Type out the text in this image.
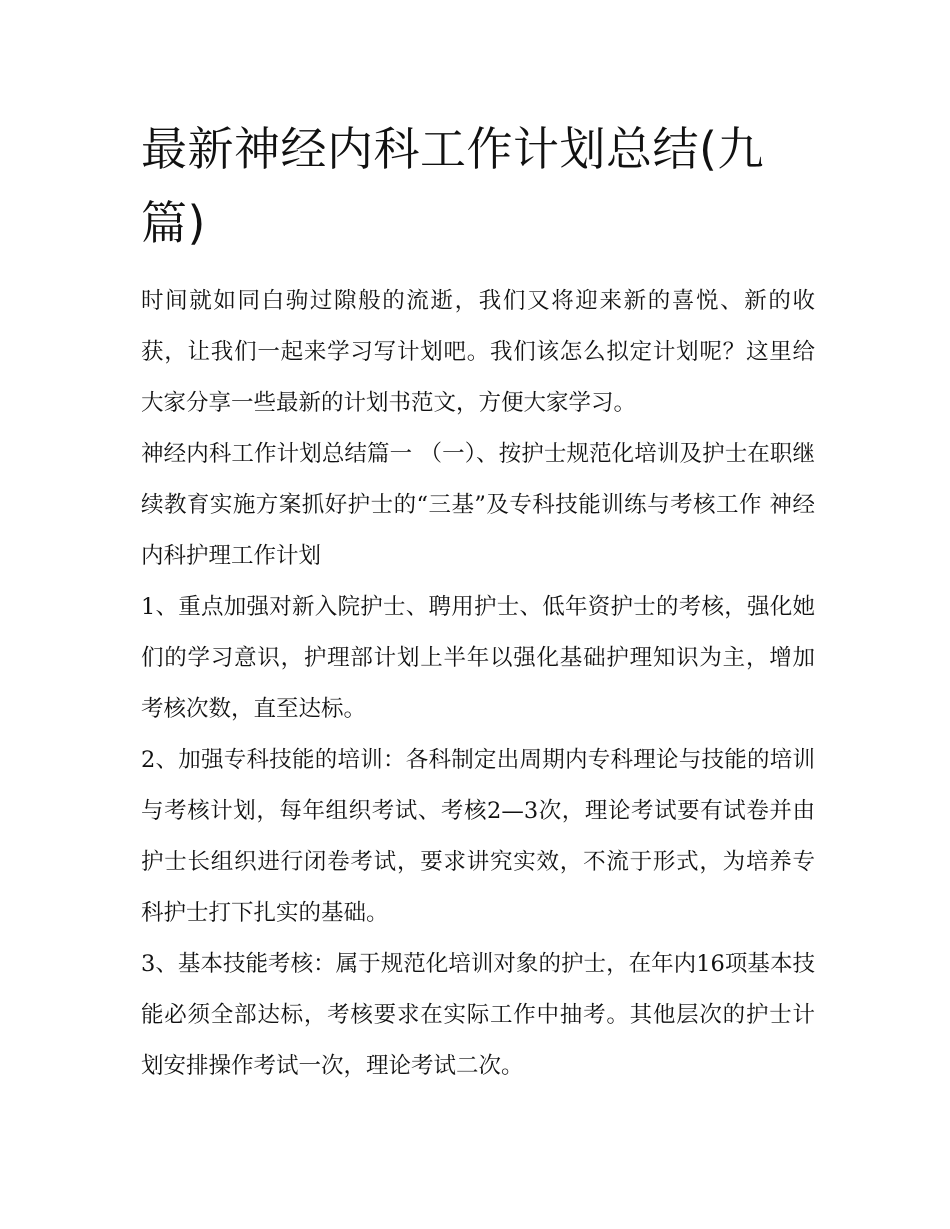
最新神经内科工作计划总结(九篇)

时间就如同白驹过隙般的流逝，我们又将迎来新的喜悦、新的收获，让我们一起来学习写计划吧。我们该怎么拟定计划呢？这里给大家分享一些最新的计划书范文，方便大家学习。

神经内科工作计划总结篇一 （一）、按护士规范化培训及护士在职继续教育实施方案抓好护士的“三基”及专科技能训练与考核工作 神经内科护理工作计划

1、重点加强对新入院护士、聘用护士、低年资护士的考核，强化她们的学习意识，护理部计划上半年以强化基础护理知识为主，增加考核次数，直至达标。

2、加强专科技能的培训：各科制定出周期内专科理论与技能的培训与考核计划，每年组织考试、考核2—3次，理论考试要有试卷并由护士长组织进行闭卷考试，要求讲究实效，不流于形式，为培养专科护士打下扎实的基础。

3、基本技能考核：属于规范化培训对象的护士，在年内16项基本技能必须全部达标，考核要求在实际工作中抽考。其他层次的护士计划安排操作考试一次，理论考试二次。
